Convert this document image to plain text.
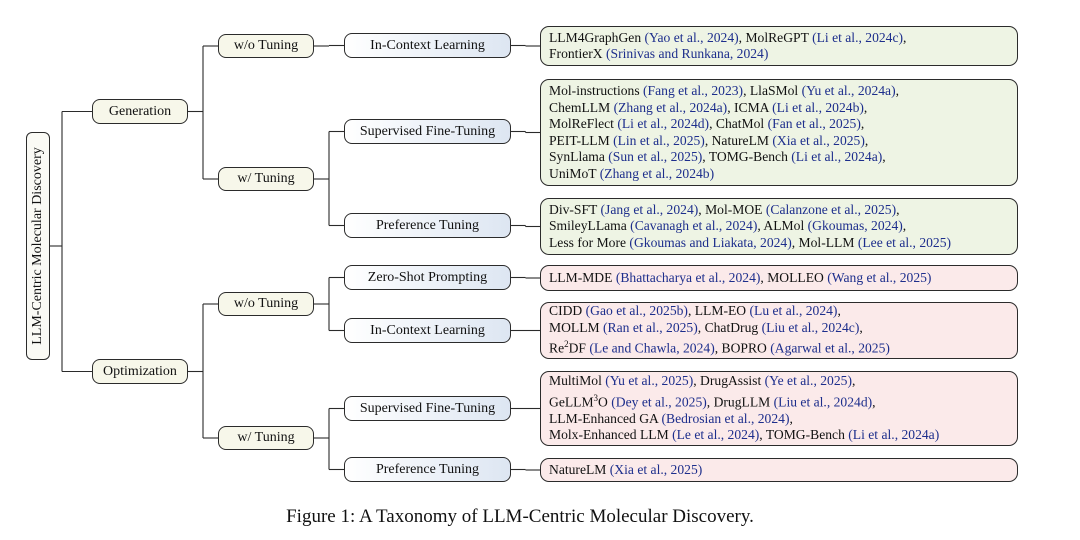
LLM-Centric Molecular Discovery
Generation
Optimization
w/o Tuning
w/ Tuning
w/o Tuning
w/ Tuning
In-Context Learning
Supervised Fine-Tuning
Preference Tuning
Zero-Shot Prompting
In-Context Learning
Supervised Fine-Tuning
Preference Tuning
LLM4GraphGen (Yao et al., 2024), MolReGPT (Li et al., 2024c),
FrontierX (Srinivas and Runkana, 2024)
Mol-instructions (Fang et al., 2023), LlaSMol (Yu et al., 2024a),
ChemLLM (Zhang et al., 2024a), ICMA (Li et al., 2024b),
MolReFlect (Li et al., 2024d), ChatMol (Fan et al., 2025),
PEIT-LLM (Lin et al., 2025), NatureLM (Xia et al., 2025),
SynLlama (Sun et al., 2025), TOMG-Bench (Li et al., 2024a),
UniMoT (Zhang et al., 2024b)
Div-SFT (Jang et al., 2024), Mol-MOE (Calanzone et al., 2025),
SmileyLLama (Cavanagh et al., 2024), ALMol (Gkoumas, 2024),
Less for More (Gkoumas and Liakata, 2024), Mol-LLM (Lee et al., 2025)
LLM-MDE (Bhattacharya et al., 2024), MOLLEO (Wang et al., 2025)
CIDD (Gao et al., 2025b), LLM-EO (Lu et al., 2024),
MOLLM (Ran et al., 2025), ChatDrug (Liu et al., 2024c),
Re$^2$DF (Le and Chawla, 2024), BOPRO (Agarwal et al., 2025)
MultiMol (Yu et al., 2025), DrugAssist (Ye et al., 2025),
GeLLM$^3$O (Dey et al., 2025), DrugLLM (Liu et al., 2024d),
LLM-Enhanced GA (Bedrosian et al., 2024),
Molx-Enhanced LLM (Le et al., 2024), TOMG-Bench (Li et al., 2024a)
NatureLM (Xia et al., 2025)
Figure 1: A Taxonomy of LLM-Centric Molecular Discovery.
